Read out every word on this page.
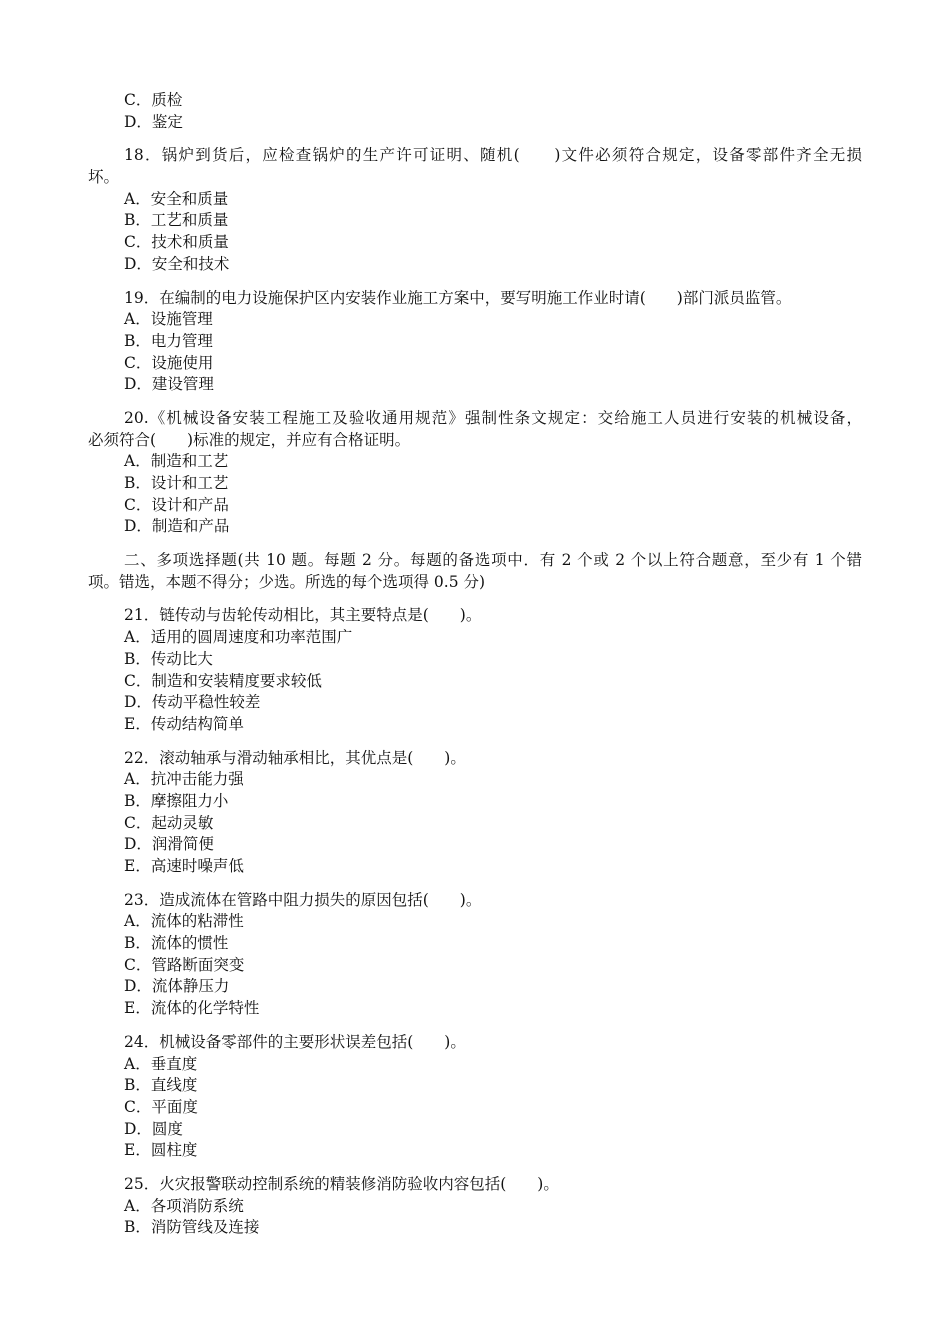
C．质检
D．鉴定
18．锅炉到货后，应检查锅炉的生产许可证明、随机(　　)文件必须符合规定，设备零部件齐全无损
坏。
A．安全和质量
B．工艺和质量
C．技术和质量
D．安全和技术
19．在编制的电力设施保护区内安装作业施工方案中，要写明施工作业时请(　　)部门派员监管。
A．设施管理
B．电力管理
C．设施使用
D．建设管理
20.《机械设备安装工程施工及验收通用规范》强制性条文规定：交给施工人员进行安装的机械设备，
必须符合(　　)标准的规定，并应有合格证明。
A．制造和工艺
B．设计和工艺
C．设计和产品
D．制造和产品
二、多项选择题(共 10 题。每题 2 分。每题的备选项中．有 2 个或 2 个以上符合题意，至少有 1 个错
项。错选，本题不得分；少选。所选的每个选项得 0.5 分)
21．链传动与齿轮传动相比，其主要特点是(　　)。
A．适用的圆周速度和功率范围广
B．传动比大
C．制造和安装精度要求较低
D．传动平稳性较差
E．传动结构简单
22．滚动轴承与滑动轴承相比，其优点是(　　)。
A．抗冲击能力强
B．摩擦阻力小
C．起动灵敏
D．润滑简便
E．高速时噪声低
23．造成流体在管路中阻力损失的原因包括(　　)。
A．流体的粘滞性
B．流体的惯性
C．管路断面突变
D．流体静压力
E．流体的化学特性
24．机械设备零部件的主要形状误差包括(　　)。
A．垂直度
B．直线度
C．平面度
D．圆度
E．圆柱度
25．火灾报警联动控制系统的精装修消防验收内容包括(　　)。
A．各项消防系统
B．消防管线及连接
